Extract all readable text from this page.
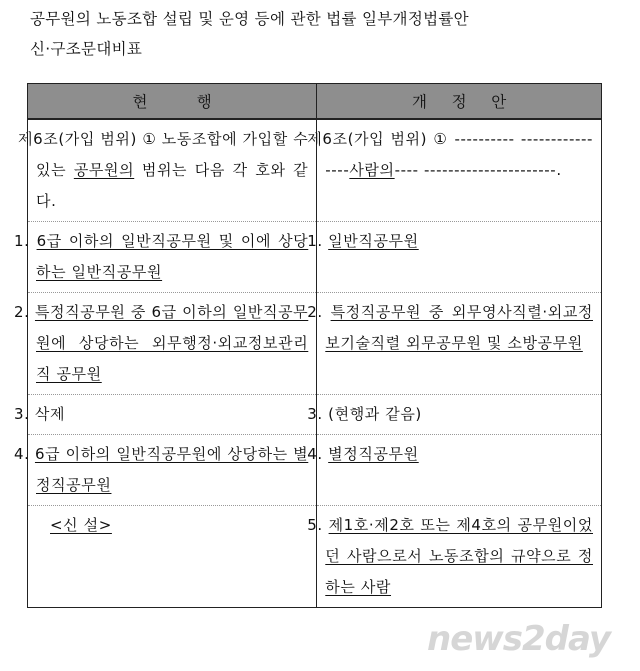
공무원의 노동조합 설립 및 운영 등에 관한 법률 일부개정법률안
신·구조문대비표
현          행	개     정     안
제6조(가입 범위) ① 노동조합에 가입할 수 있는 공무원의 범위는 다음 각 호와 같다.	제6조(가입 범위) ① ---------- ----------------사람의---- ----------------------.
1. 6급 이하의 일반직공무원 및 이에 상당하는 일반직공무원	1. 일반직공무원
2. 특정직공무원 중 6급 이하의 일반직공무원에 상당하는 외무행정·외교정보관리직 공무원	2. 특정직공무원 중 외무영사직렬·외교정보기술직렬 외무공무원 및 소방공무원
3. 삭제	3. (현행과 같음)
4. 6급 이하의 일반직공무원에 상당하는 별정직공무원	4. 별정직공무원
<신 설>	5. 제1호·제2호 또는 제4호의 공무원이었던 사람으로서 노동조합의 규약으로 정하는 사람
news2day
